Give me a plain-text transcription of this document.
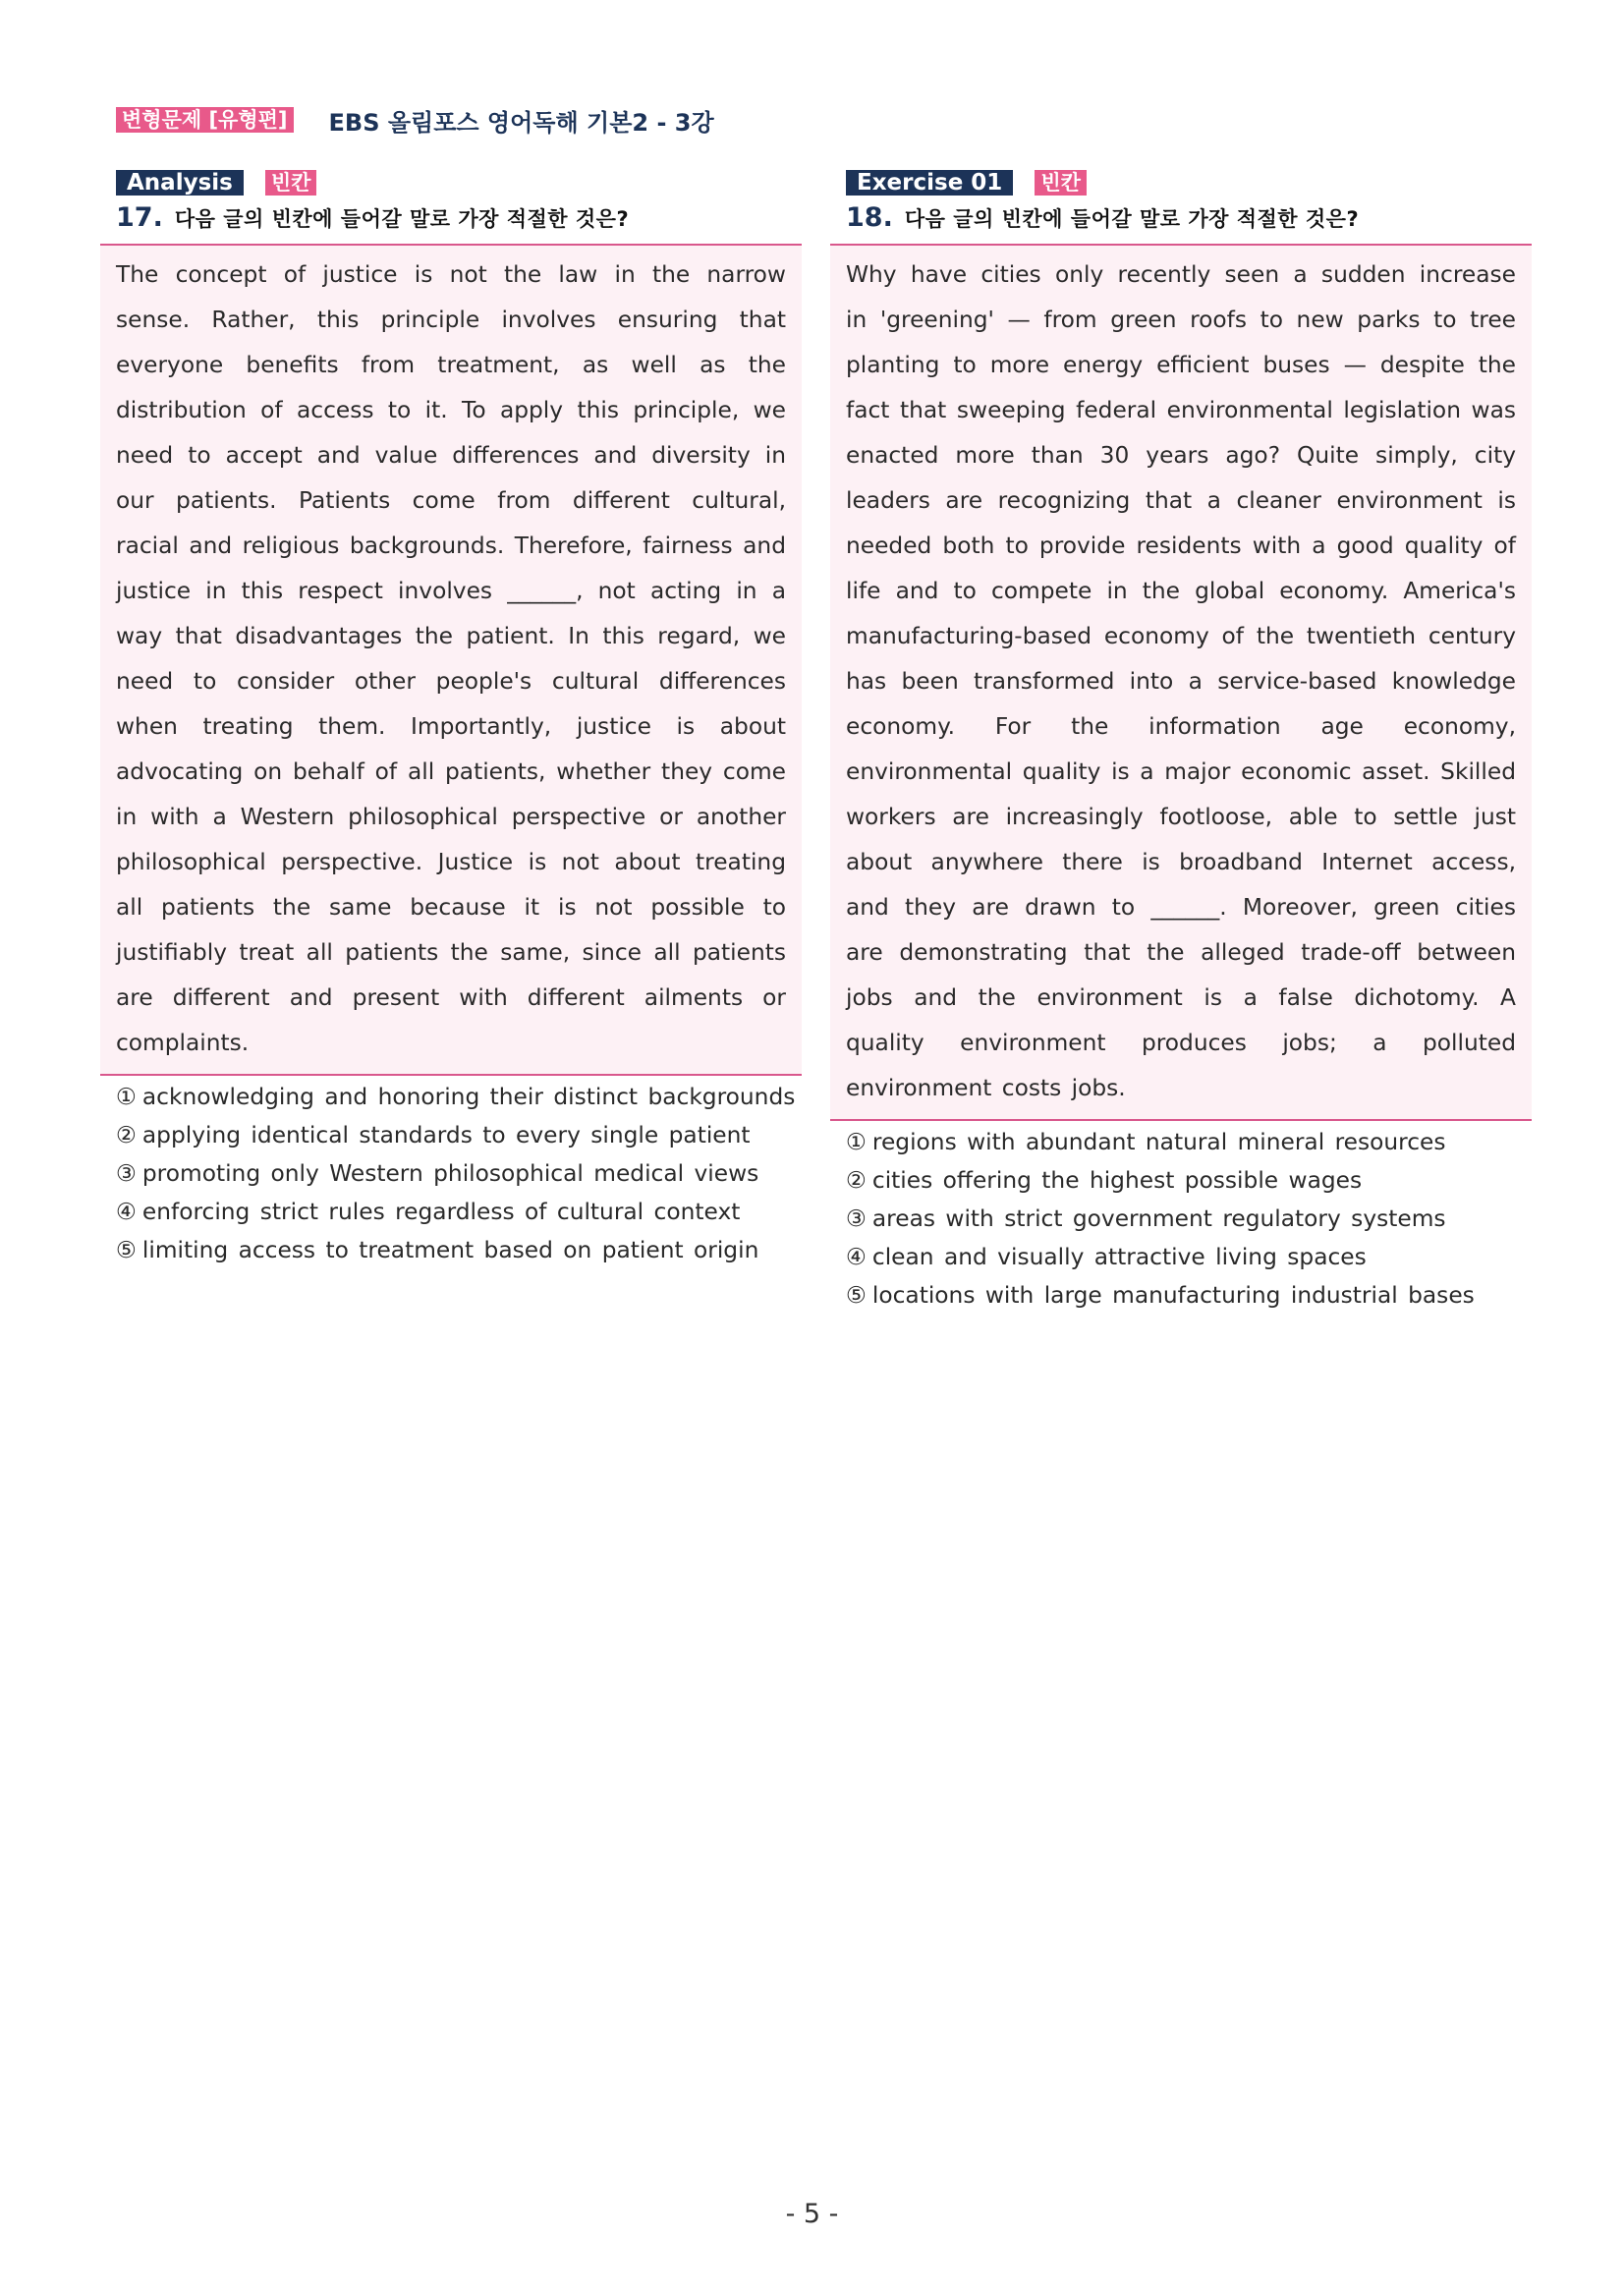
변형문제 [유형편] EBS 올림포스 영어독해 기본2 - 3강
Analysis	빈칸
17. 다음 글의 빈칸에 들어갈 말로 가장 적절한 것은?

The concept of justice is not the law in the narrow sense. Rather, this principle involves ensuring that everyone benefits from treatment, as well as the distribution of access to it. To apply this principle, we need to accept and value differences and diversity in our patients. Patients come from different cultural, racial and religious backgrounds. Therefore, fairness and justice in this respect involves ______, not acting in a way that disadvantages the patient. In this regard, we need to consider other people's cultural differences when treating them. Importantly, justice is about advocating on behalf of all patients, whether they come in with a Western philosophical perspective or another philosophical perspective. Justice is not about treating all patients the same because it is not possible to justifiably treat all patients the same, since all patients are different and present with different ailments or complaints.

① acknowledging and honoring their distinct backgrounds
② applying identical standards to every single patient
③ promoting only Western philosophical medical views
④ enforcing strict rules regardless of cultural context
⑤ limiting access to treatment based on patient origin
Exercise 01	빈칸
18. 다음 글의 빈칸에 들어갈 말로 가장 적절한 것은?

Why have cities only recently seen a sudden increase in 'greening' — from green roofs to new parks to tree planting to more energy efficient buses — despite the fact that sweeping federal environmental legislation was enacted more than 30 years ago? Quite simply, city leaders are recognizing that a cleaner environment is needed both to provide residents with a good quality of life and to compete in the global economy. America's manufacturing-based economy of the twentieth century has been transformed into a service-based knowledge economy. For the information age economy, environmental quality is a major economic asset. Skilled workers are increasingly footloose, able to settle just about anywhere there is broadband Internet access, and they are drawn to ______. Moreover, green cities are demonstrating that the alleged trade-off between jobs and the environment is a false dichotomy. A quality environment produces jobs; a polluted environment costs jobs.

① regions with abundant natural mineral resources
② cities offering the highest possible wages
③ areas with strict government regulatory systems
④ clean and visually attractive living spaces
⑤ locations with large manufacturing industrial bases
- 5 -
